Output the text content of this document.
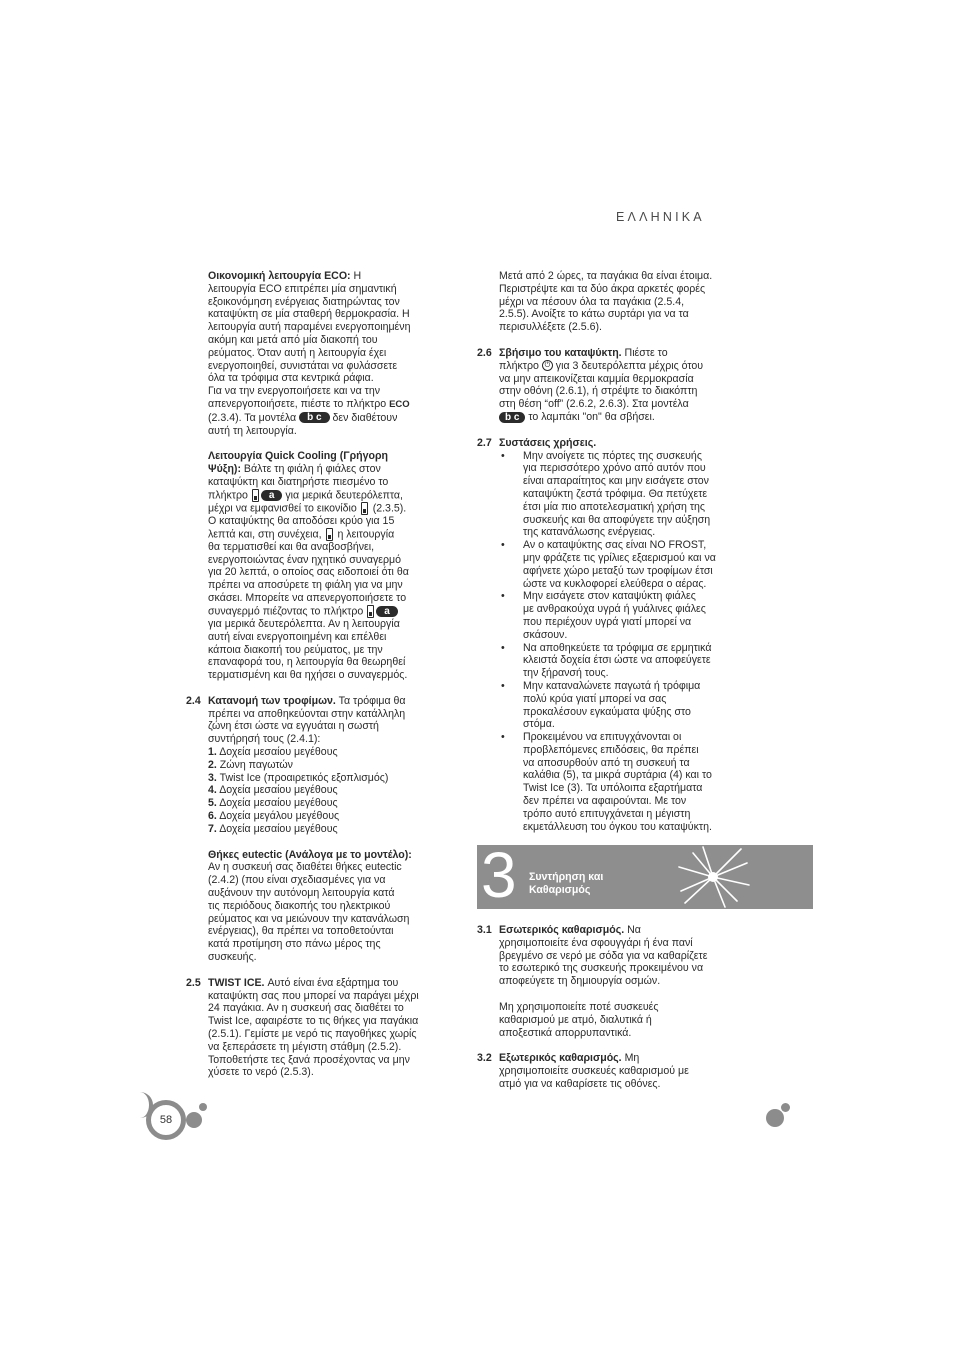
ΕΛΛΗΝΙΚΑ

Οικονομική λειτουργία ECO: Η

λειτουργία ECO επιτρέπει μία σημαντική

εξοικονόμηση ενέργειας διατηρώντας τον

καταψύκτη σε μία σταθερή θερμοκρασία. Η

λειτουργία αυτή παραμένει ενεργοποιημένη

ακόμη και μετά από μία διακοπή του

ρεύματος. Όταν αυτή η λειτουργία έχει

ενεργοποιηθεί, συνιστάται να φυλάσσετε

όλα τα τρόφιμα στα κεντρικά ράφια.

Για να την ενεργοποιήσετε και να την

απενεργοποιήσετε, πιέστε το πλήκτρο ECO

(2.3.4). Τα μοντέλα b c δεν διαθέτουν

αυτή τη λειτουργία.

Λειτουργία Quick Cooling (Γρήγορη

Ψύξη): Βάλτε τη φιάλη ή φιάλες στον

καταψύκτη και διατηρήστε πιεσμένο το

πλήκτρο a για μερικά δευτερόλεπτα,

μέχρι να εμφανισθεί το εικονίδιο  (2.3.5).

Ο καταψύκτης θα αποδόσει κρύο για 15

λεπτά και, στη συνέχεια,  η λειτουργία

θα τερματισθεί και θα αναβοσβήνει,

ενεργοποιώντας έναν ηχητικό συναγερμό

για 20 λεπτά, ο οποίος σας ειδοποιεί ότι θα

πρέπει να αποσύρετε τη φιάλη για να μην

σκάσει. Μπορείτε να απενεργοποιήσετε το

συναγερμό πιέζοντας το πλήκτρο a

για μερικά δευτερόλεπτα. Αν η λειτουργία

αυτή είναι ενεργοποιημένη και επέλθει

κάποια διακοπή του ρεύματος, με την

επαναφορά του, η λειτουργία θα θεωρηθεί

τερματισμένη και θα ηχήσει ο συναγερμός.

2.4 Κατανομή των τροφίμων. Τα τρόφιμα θα

πρέπει να αποθηκεύονται στην κατάλληλη

ζώνη έτσι ώστε να εγγυάται η σωστή

συντήρησή τους (2.4.1):

1. Δοχεία μεσαίου μεγέθους

2. Ζώνη παγωτών

3. Twist Ice (προαιρετικός εξοπλισμός)

4. Δοχεία μεσαίου μεγέθους

5. Δοχεία μεσαίου μεγέθους

6. Δοχεία μεγάλου μεγέθους

7. Δοχεία μεσαίου μεγέθους

Θήκες eutectic (Ανάλογα με το μοντέλο):

Αν η συσκευή σας διαθέτει θήκες eutectic

(2.4.2) (που είναι σχεδιασμένες για να

αυξάνουν την αυτόνομη λειτουργία κατά

τις περιόδους διακοπής του ηλεκτρικού

ρεύματος και να μειώνουν την κατανάλωση

ενέργειας), θα πρέπει να τοποθετούνται

κατά προτίμηση στο πάνω μέρος της

συσκευής.

2.5 TWIST ICE. Αυτό είναι ένα εξάρτημα του

καταψύκτη σας που μπορεί να παράγει μέχρι

24 παγάκια. Αν η συσκευή σας διαθέτει το

Twist Ice, αφαιρέστε το τις θήκες για παγάκια

(2.5.1). Γεμίστε με νερό τις παγοθήκες χωρίς

να ξεπεράσετε τη μέγιστη στάθμη (2.5.2).

Τοποθετήστε τες ξανά προσέχοντας να μην

χύσετε το νερό (2.5.3).

Μετά από 2 ώρες, τα παγάκια θα είναι έτοιμα.

Περιστρέψτε και τα δύο άκρα αρκετές φορές

μέχρι να πέσουν όλα τα παγάκια (2.5.4,

2.5.5). Ανοίξτε το κάτω συρτάρι για να τα

περισυλλέξετε (2.5.6).

2.6 Σβήσιμο του καταψύκτη. Πιέστε το

πλήκτρο ⏻ για 3 δευτερόλεπτα μέχρις ότου

να μην απεικονίζεται καμμία θερμοκρασία

στην οθόνη (2.6.1), ή στρέψτε το διακόπτη

στη θέση “off” (2.6.2, 2.6.3). Στα μοντέλα

b c το λαμπάκι "on" θα σβήσει.

2.7 Συστάσεις χρήσεις.

• Μην ανοίγετε τις πόρτες της συσκευής
για περισσότερο χρόνο από αυτόν που
είναι απαραίτητος και μην εισάγετε στον
καταψύκτη ζεστά τρόφιμα. Θα πετύχετε
έτσι μία πιο αποτελεσματική χρήση της
συσκευής και θα αποφύγετε την αύξηση
της κατανάλωσης ενέργειας.
• Αν ο καταψύκτης σας είναι NO FROST,
μην φράζετε τις γρίλιες εξαερισμού και να
αφήνετε χώρο μεταξύ των τροφίμων έτσι
ώστε να κυκλοφορεί ελεύθερα ο αέρας.
• Μην εισάγετε στον καταψύκτη φιάλες
με ανθρακούχα υγρά ή γυάλινες φιάλες
που περιέχουν υγρά γιατί μπορεί να
σκάσουν.
• Να αποθηκεύετε τα τρόφιμα σε ερμητικά
κλειστά δοχεία έτσι ώστε να αποφεύγετε
την ξήρανσή τους.
• Μην καταναλώνετε παγωτά ή τρόφιμα
πολύ κρύα γιατί μπορεί να σας
προκαλέσουν εγκαύματα ψύξης στο
στόμα.
• Προκειμένου να επιτυγχάνονται οι
προβλεπόμενες επιδόσεις, θα πρέπει
να αποσυρθούν από τη συσκευή τα
καλάθια (5), τα μικρά συρτάρια (4) και το
Twist Ice (3). Τα υπόλοιπα εξαρτήματα
δεν πρέπει να αφαιρούνται. Με τον
τρόπο αυτό επιτυγχάνεται η μέγιστη
εκμετάλλευση του όγκου του καταψύκτη.
3 Συντήρηση και
Καθαρισμός
3.1 Εσωτερικός καθαρισμός. Να

χρησιμοποιείτε ένα σφουγγάρι ή ένα πανί

βρεγμένο σε νερό με σόδα για να καθαρίζετε

το εσωτερικό της συσκευής προκειμένου να

αποφεύγετε τη δημιουργία οσμών.

Μη χρησιμοποιείτε ποτέ συσκευές

καθαρισμού με ατμό, διαλυτικά ή

αποξεστικά απορρυπαντικά.

3.2 Εξωτερικός καθαρισμός. Μη

χρησιμοποιείτε συσκευές καθαρισμού με

ατμό για να καθαρίσετε τις οθόνες.

58
